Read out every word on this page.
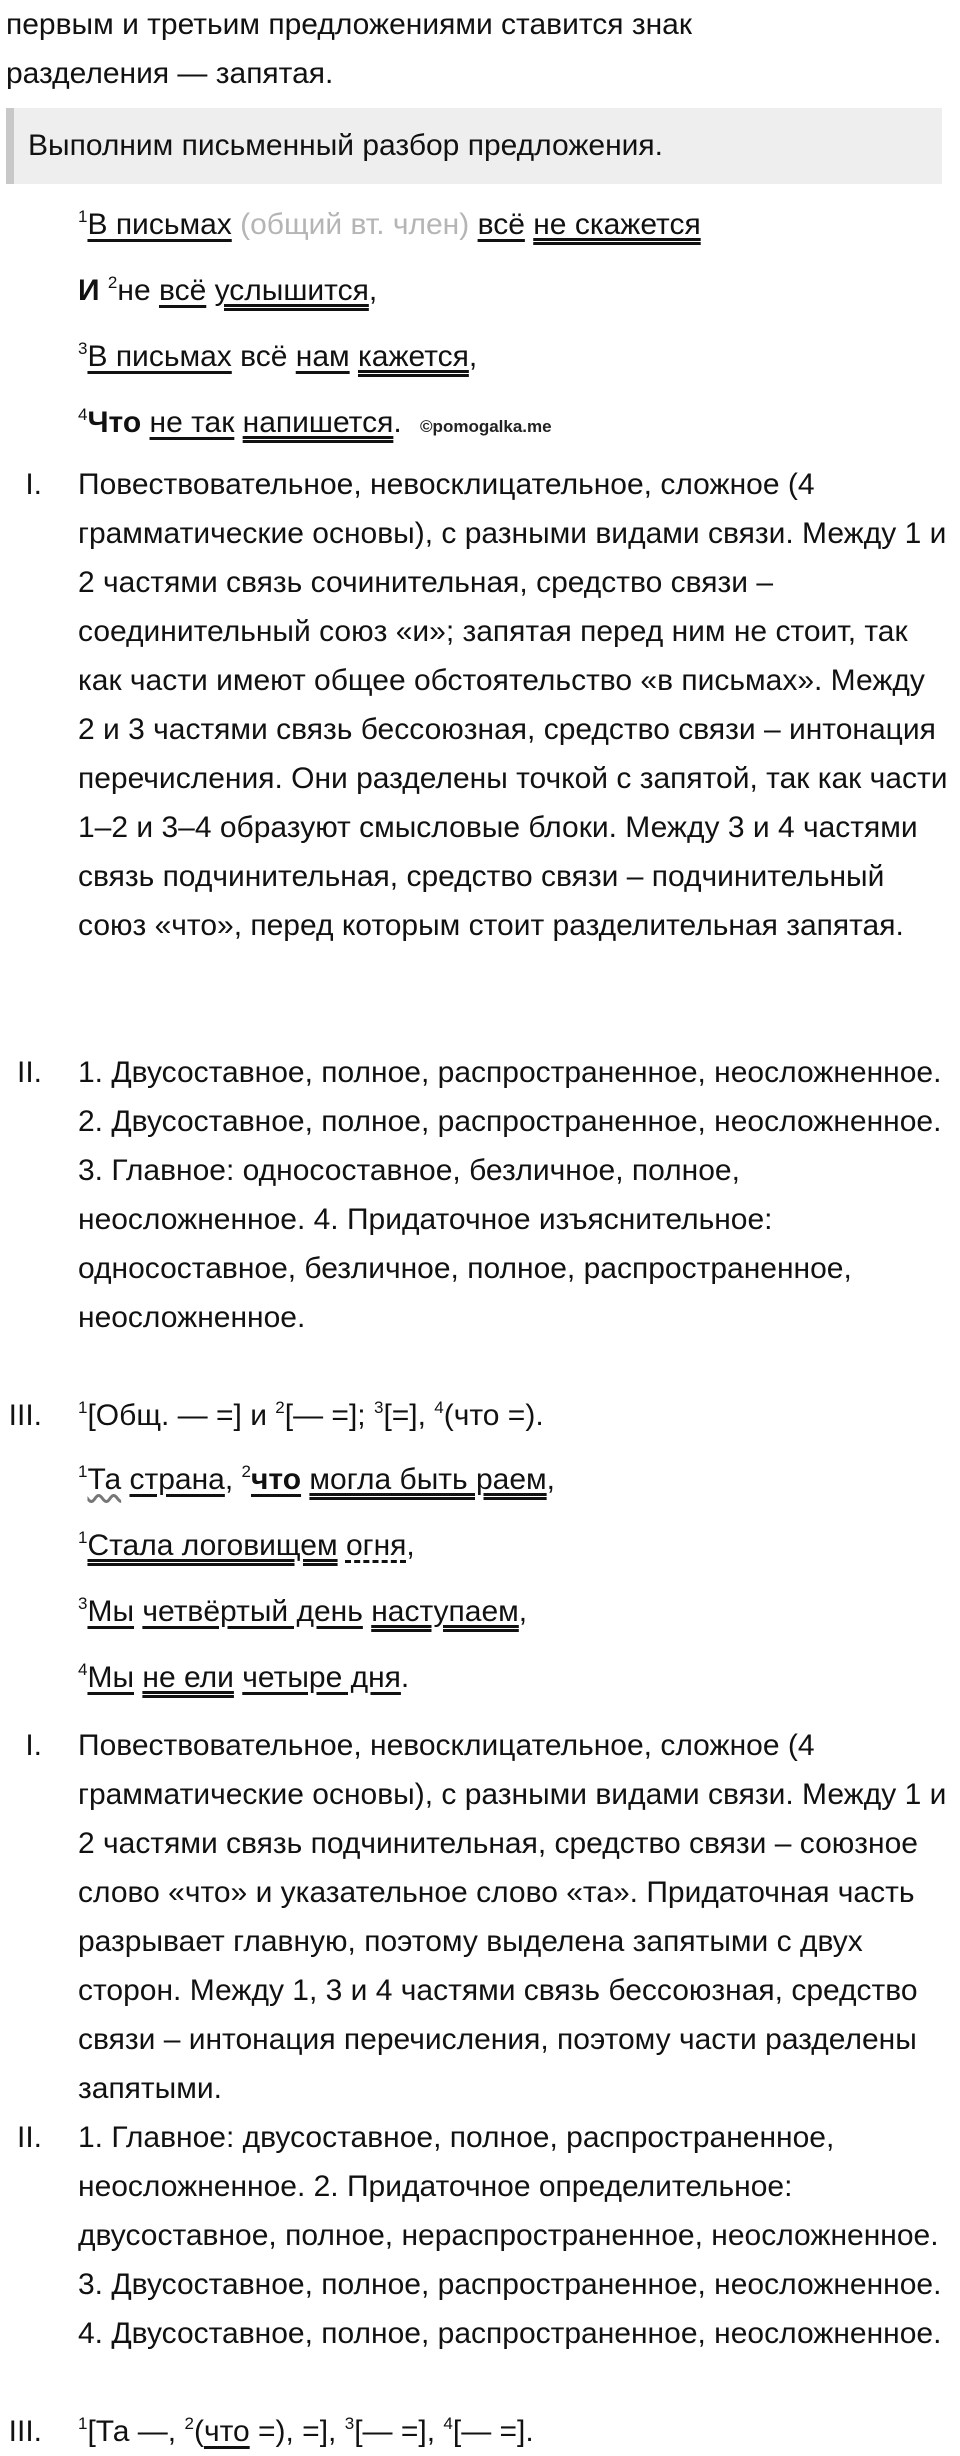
первым и третьим предложениями ставится знак

разделения — запятая.

Выполним письменный разбор предложения.
$^1$В письмах (общий вт. член) всё не скажется
И $^2$не всё услышится,
$^3$В письмах всё нам кажется,
$^4$Что не так напишется. ©pomogalka.me
I. Повествовательное, невосклицательное, сложное (4 грамматические основы), с разными видами связи. Между 1 и 2 частями связь сочинительная, средство связи – соединительный союз «и»; запятая перед ним не стоит, так как части имеют общее обстоятельство «в письмах». Между 2 и 3 частями связь бессоюзная, средство связи – интонация перечисления. Они разделены точкой с запятой, так как части 1–2 и 3–4 образуют смысловые блоки. Между 3 и 4 частями связь подчинительная, средство связи – подчинительный союз «что», перед которым стоит разделительная запятая.
II. 1. Двусоставное, полное, распространенное, неосложненное. 2. Двусоставное, полное, распространенное, неосложненное. 3. Главное: односоставное, безличное, полное, неосложненное. 4. Придаточное изъяснительное: односоставное, безличное, полное, распространенное, неосложненное.
III. $^1$[Общ. — =] и $^2$[— =]; $^3$[=], $^4$(что =).
$^1$Та страна, $^2$что могла быть раем,
$^1$Стала логовищем огня,
$^3$Мы четвёртый день наступаем,
$^4$Мы не ели четыре дня.
I. Повествовательное, невосклицательное, сложное (4 грамматические основы), с разными видами связи. Между 1 и 2 частями связь подчинительная, средство связи – союзное слово «что» и указательное слово «та». Придаточная часть разрывает главную, поэтому выделена запятыми с двух сторон. Между 1, 3 и 4 частями связь бессоюзная, средство связи – интонация перечисления, поэтому части разделены запятыми.
II. 1. Главное: двусоставное, полное, распространенное, неосложненное. 2. Придаточное определительное: двусоставное, полное, нераспространенное, неосложненное. 3. Двусоставное, полное, распространенное, неосложненное. 4. Двусоставное, полное, распространенное, неосложненное.
III. $^1$[Та —, $^2$(что =), =], $^3$[— =], $^4$[— =].
